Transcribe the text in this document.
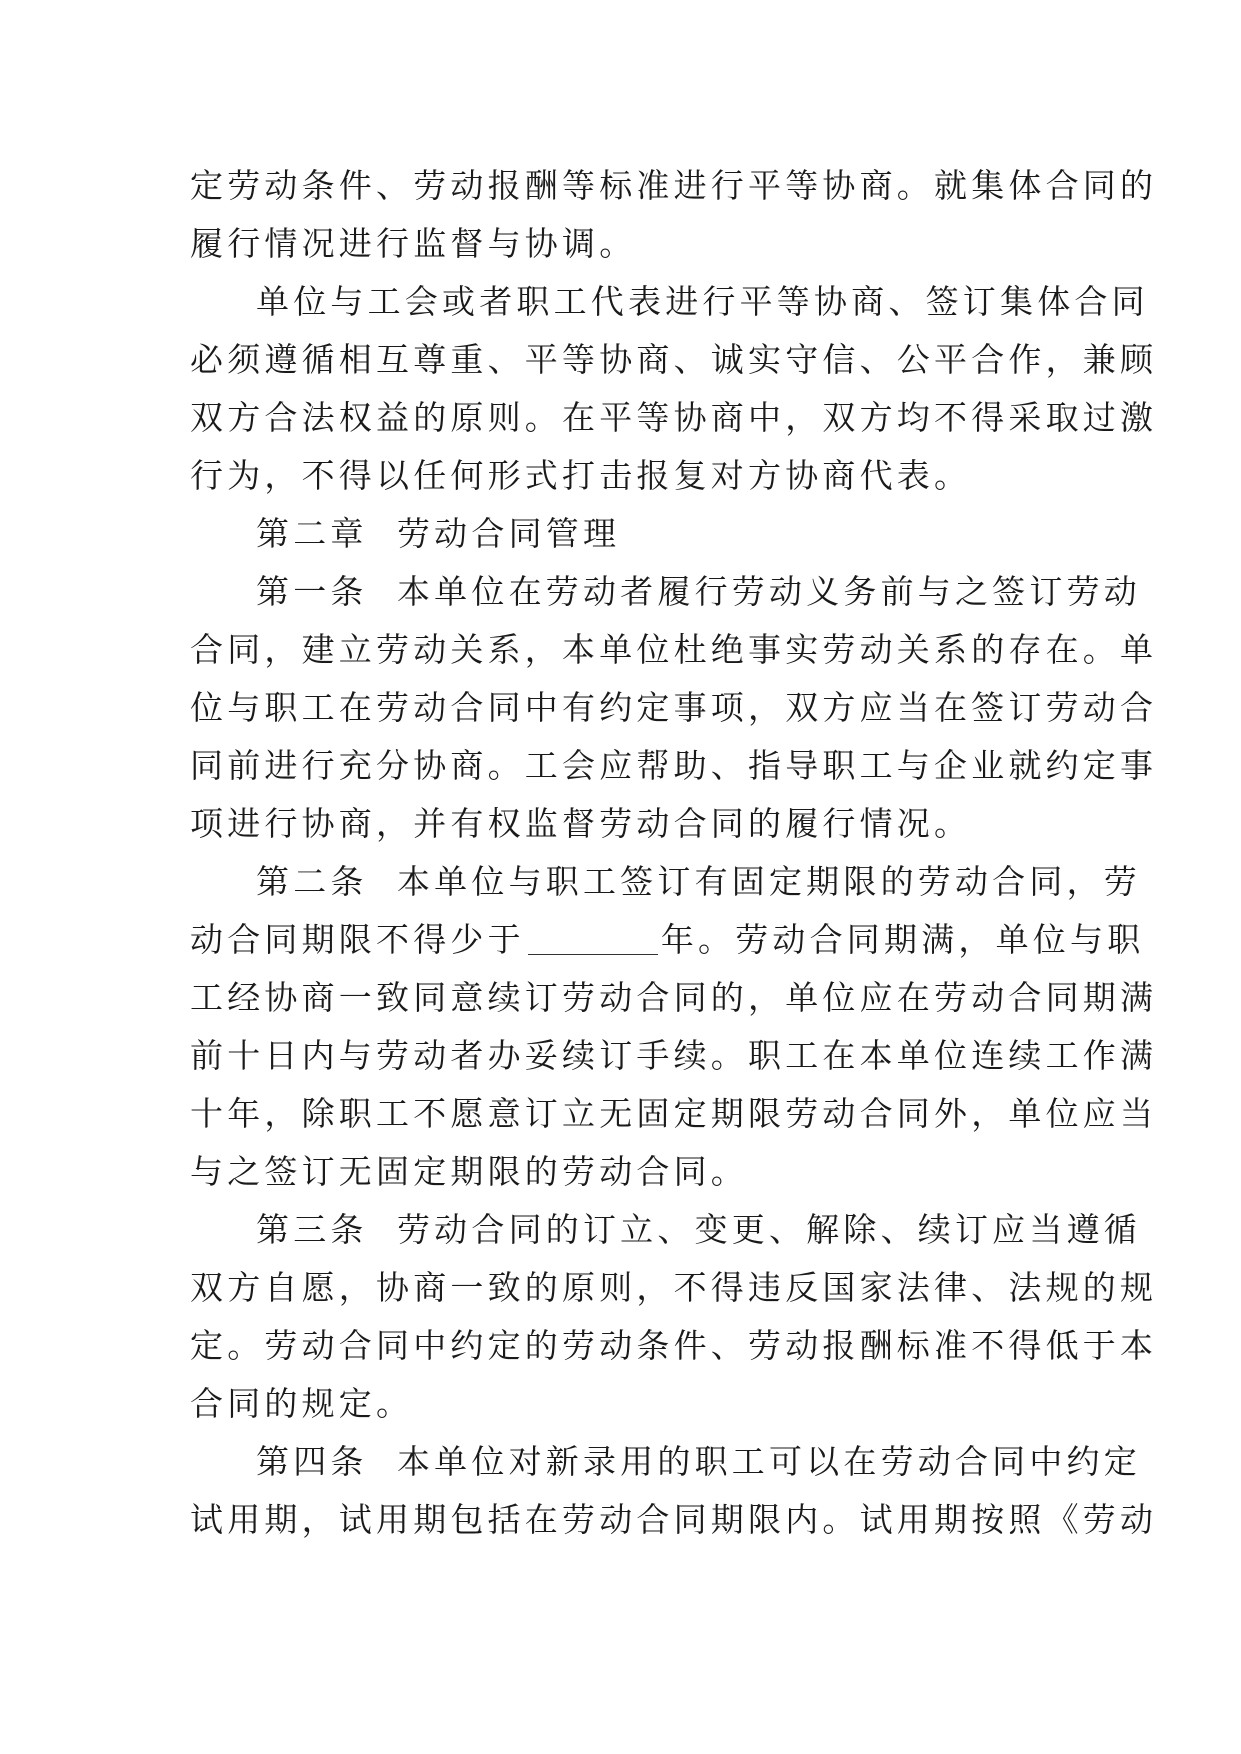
定劳动条件、劳动报酬等标准进行平等协商。就集体合同的
履行情况进行监督与协调。
单位与工会或者职工代表进行平等协商、签订集体合同
必须遵循相互尊重、平等协商、诚实守信、公平合作，兼顾
双方合法权益的原则。在平等协商中，双方均不得采取过激
行为，不得以任何形式打击报复对方协商代表。
第二章  劳动合同管理
第一条  本单位在劳动者履行劳动义务前与之签订劳动
合同，建立劳动关系，本单位杜绝事实劳动关系的存在。单
位与职工在劳动合同中有约定事项，双方应当在签订劳动合
同前进行充分协商。工会应帮助、指导职工与企业就约定事
项进行协商，并有权监督劳动合同的履行情况。
第二条  本单位与职工签订有固定期限的劳动合同，劳
动合同期限不得少于	年。劳动合同期满，单位与职
工经协商一致同意续订劳动合同的，单位应在劳动合同期满
前十日内与劳动者办妥续订手续。职工在本单位连续工作满
十年，除职工不愿意订立无固定期限劳动合同外，单位应当
与之签订无固定期限的劳动合同。
第三条  劳动合同的订立、变更、解除、续订应当遵循
双方自愿，协商一致的原则，不得违反国家法律、法规的规
定。劳动合同中约定的劳动条件、劳动报酬标准不得低于本
合同的规定。
第四条  本单位对新录用的职工可以在劳动合同中约定
试用期，试用期包括在劳动合同期限内。试用期按照《劳动
